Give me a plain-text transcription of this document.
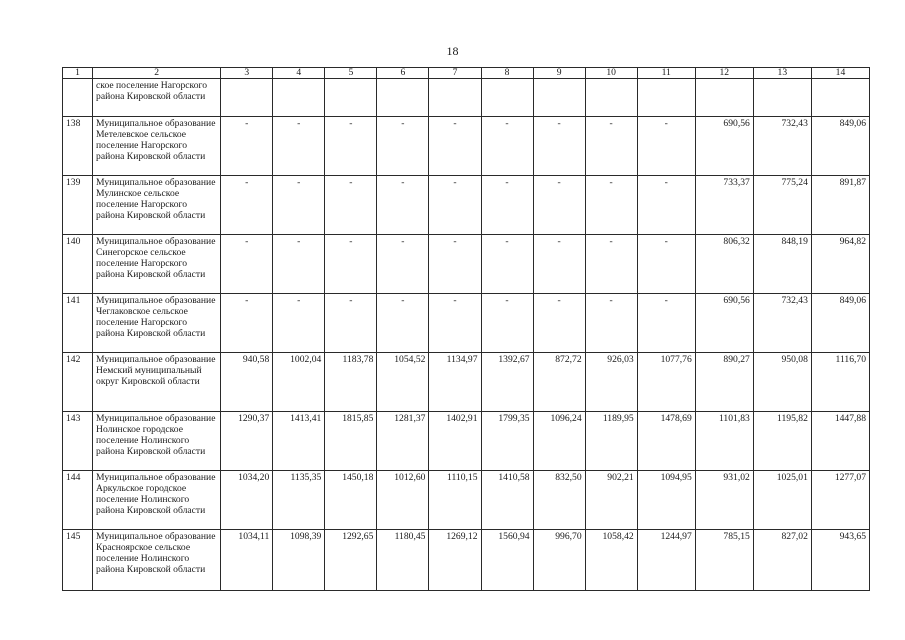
18
1	2	3	4	5	6	7	8	9	10	11	12	13	14
	ское поселение Нагорского района Кировской области												
138	Муниципальное образование Метелевское сельское поселение Нагорского района Кировской области	-	-	-	-	-	-	-	-	-	690,56	732,43	849,06
139	Муниципальное образование Мулинское сельское поселение Нагорского района Кировской области	-	-	-	-	-	-	-	-	-	733,37	775,24	891,87
140	Муниципальное образование Синегорское сельское поселение Нагорского района Кировской области	-	-	-	-	-	-	-	-	-	806,32	848,19	964,82
141	Муниципальное образование Чеглаковское сельское поселение Нагорского района Кировской области	-	-	-	-	-	-	-	-	-	690,56	732,43	849,06
142	Муниципальное образование Немский муниципальный округ Кировской области	940,58	1002,04	1183,78	1054,52	1134,97	1392,67	872,72	926,03	1077,76	890,27	950,08	1116,70
143	Муниципальное образование Нолинское городское поселение Нолинского района Кировской области	1290,37	1413,41	1815,85	1281,37	1402,91	1799,35	1096,24	1189,95	1478,69	1101,83	1195,82	1447,88
144	Муниципальное образование Аркульское городское поселение Нолинского района Кировской области	1034,20	1135,35	1450,18	1012,60	1110,15	1410,58	832,50	902,21	1094,95	931,02	1025,01	1277,07
145	Муниципальное образование Красноярское сельское поселение Нолинского района Кировской области	1034,11	1098,39	1292,65	1180,45	1269,12	1560,94	996,70	1058,42	1244,97	785,15	827,02	943,65
